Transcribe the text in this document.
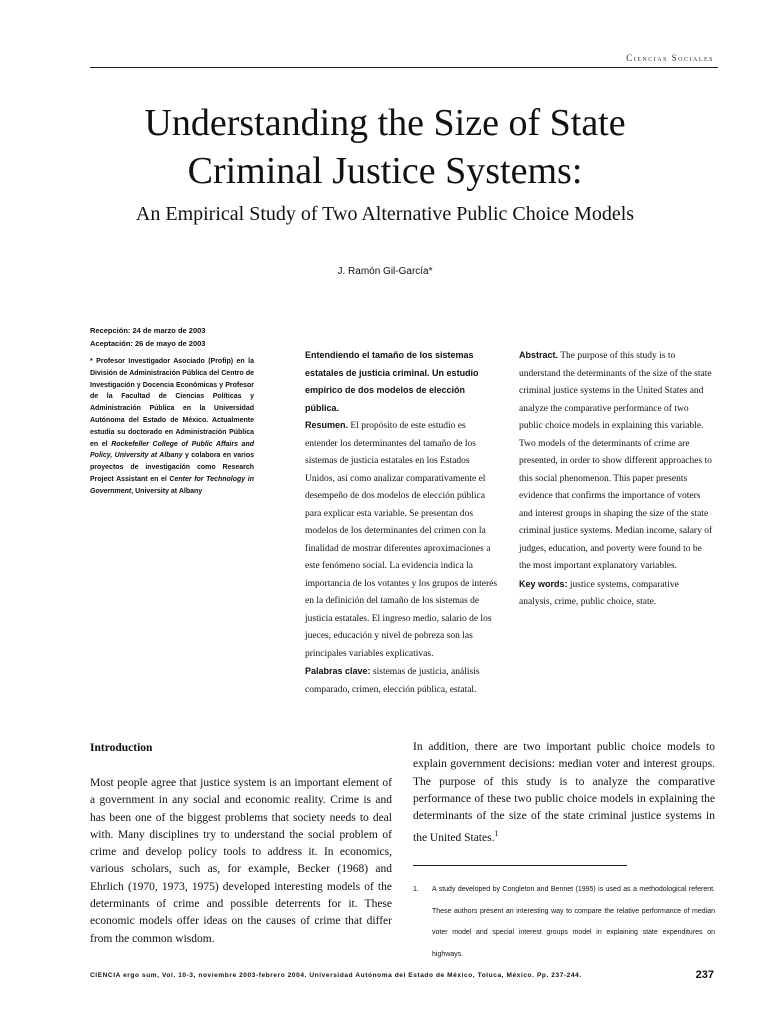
Ciencias Sociales
Understanding the Size of State
Criminal Justice Systems:
An Empirical Study of Two Alternative Public Choice Models
J. Ramón Gil-García*
Recepción: 24 de marzo de 2003
Aceptación: 26 de mayo de 2003
* Profesor Investigador Asociado (Profip) en la División de Administración Pública del Centro de Investigación y Docencia Económicas y Profesor de la Facultad de Ciencias Políticas y Administración Pública en la Universidad Autónoma del Estado de México. Actualmente estudia su doctorado en Administración Pública en el Rockefeller College of Public Affairs and Policy, University at Albany y colabora en varios proyectos de investigación como Research Project Assistant en el Center for Technology in Government, University at Albany
Entendiendo el tamaño de los sistemas estatales de justicia criminal. Un estudio empírico de dos modelos de elección pública.
Resumen. El propósito de este estudio es entender los determinantes del tamaño de los sistemas de justicia estatales en los Estados Unidos, así como analizar comparativamente el desempeño de dos modelos de elección pública para explicar esta variable. Se presentan dos modelos de los determinantes del crimen con la finalidad de mostrar diferentes aproximaciones a este fenómeno social. La evidencia indica la importancia de los votantes y los grupos de interés en la definición del tamaño de los sistemas de justicia estatales. El ingreso medio, salario de los jueces, educación y nivel de pobreza son las principales variables explicativas.
Palabras clave: sistemas de justicia, análisis comparado, crimen, elección pública, estatal.
Abstract. The purpose of this study is to understand the determinants of the size of the state criminal justice systems in the United States and analyze the comparative performance of two public choice models in explaining this variable. Two models of the determinants of crime are presented, in order to show different approaches to this social phenomenon. This paper presents evidence that confirms the importance of voters and interest groups in shaping the size of the state criminal justice systems. Median income, salary of judges, education, and poverty were found to be the most important explanatory variables.
Key words: justice systems, comparative analysis, crime, public choice, state.
Introduction
Most people agree that justice system is an important element of a government in any social and economic reality. Crime is and has been one of the biggest problems that society needs to deal with. Many disciplines try to understand the social problem of crime and develop policy tools to address it. In economics, various scholars, such as, for example, Becker (1968) and Ehrlich (1970, 1973, 1975) developed interesting models of the determinants of crime and possible deterrents for it. These economic models offer ideas on the causes of crime that differ from the common wisdom.
In addition, there are two important public choice models to explain government decisions: median voter and interest groups. The purpose of this study is to analyze the comparative performance of these two public choice models in explaining the determinants of the size of the state criminal justice systems in the United States.$^1$
1.	A study developed by Congleton and Bennet (1995) is used as a methodological referent. These authors present an interesting way to compare the relative performance of median voter model and special interest groups model in explaining state expenditures on highways.
CIENCIA ergo sum, Vol. 10-3, noviembre 2003-febrero 2004. Universidad Autónoma del Estado de México, Toluca, México. Pp. 237-244.	237
